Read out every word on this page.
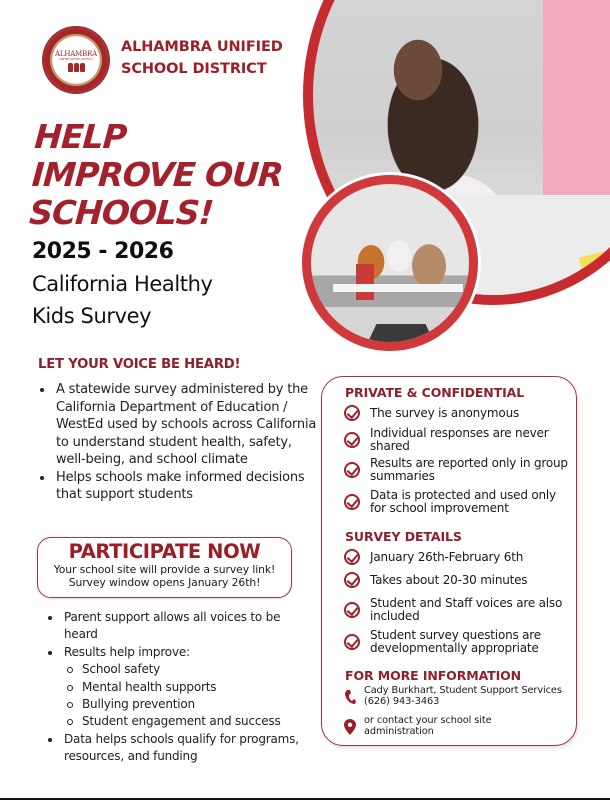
ALHAMBRA
UNIFIED SCHOOL DISTRICT
ALHAMBRA UNIFIED
SCHOOL DISTRICT
HELP
IMPROVE OUR
SCHOOLS!
2025 - 2026
California Healthy
Kids Survey
LET YOUR VOICE BE HEARD!
A statewide survey administered by the California Department of Education / WestEd used by schools across California to understand student health, safety, well-being, and school climate
Helps schools make informed decisions that support students
PARTICIPATE NOW
Your school site will provide a survey link!
Survey window opens January 26th!
Parent support allows all voices to be heard
Results help improve:
School safety
Mental health supports
Bullying prevention
Student engagement and success
Data helps schools qualify for programs, resources, and funding
PRIVATE & CONFIDENTIAL
The survey is anonymous
Individual responses are never shared
Results are reported only in group summaries
Data is protected and used only for school improvement
SURVEY DETAILS
January 26th-February 6th
Takes about 20-30 minutes
Student and Staff voices are also included
Student survey questions are developmentally appropriate
FOR MORE INFORMATION
Cady Burkhart, Student Support Services
(626) 943-3463
or contact your school site administration
